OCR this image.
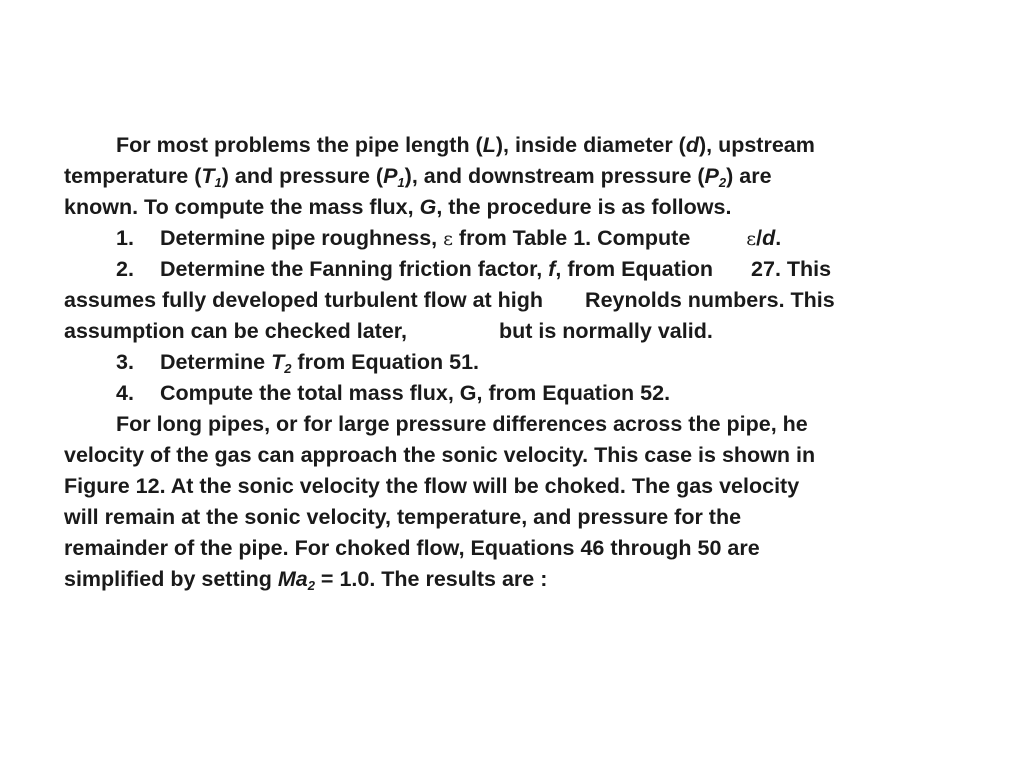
For most problems the pipe length (L), inside diameter (d), upstream
temperature $(T_1)$ and pressure $(P_1)$, and downstream pressure $(P_2)$ are
known. To compute the mass flux, G, the procedure is as follows.
1. Determine pipe roughness, ε from Table 1. Compute	ε/d.
2. Determine the Fanning friction factor, f, from Equation 27. This
assumes fully developed turbulent flow at high Reynolds numbers. This
assumption can be checked later,	but is normally valid.
3. Determine $T_2$ from Equation 51.
4. Compute the total mass flux, G, from Equation 52.
For long pipes, or for large pressure differences across the pipe, he
velocity of the gas can approach the sonic velocity. This case is shown in
Figure 12. At the sonic velocity the flow will be choked. The gas velocity
will remain at the sonic velocity, temperature, and pressure for the
remainder of the pipe. For choked flow, Equations 46 through 50 are
simplified by setting $Ma_2 = 1.0$. The results are :
